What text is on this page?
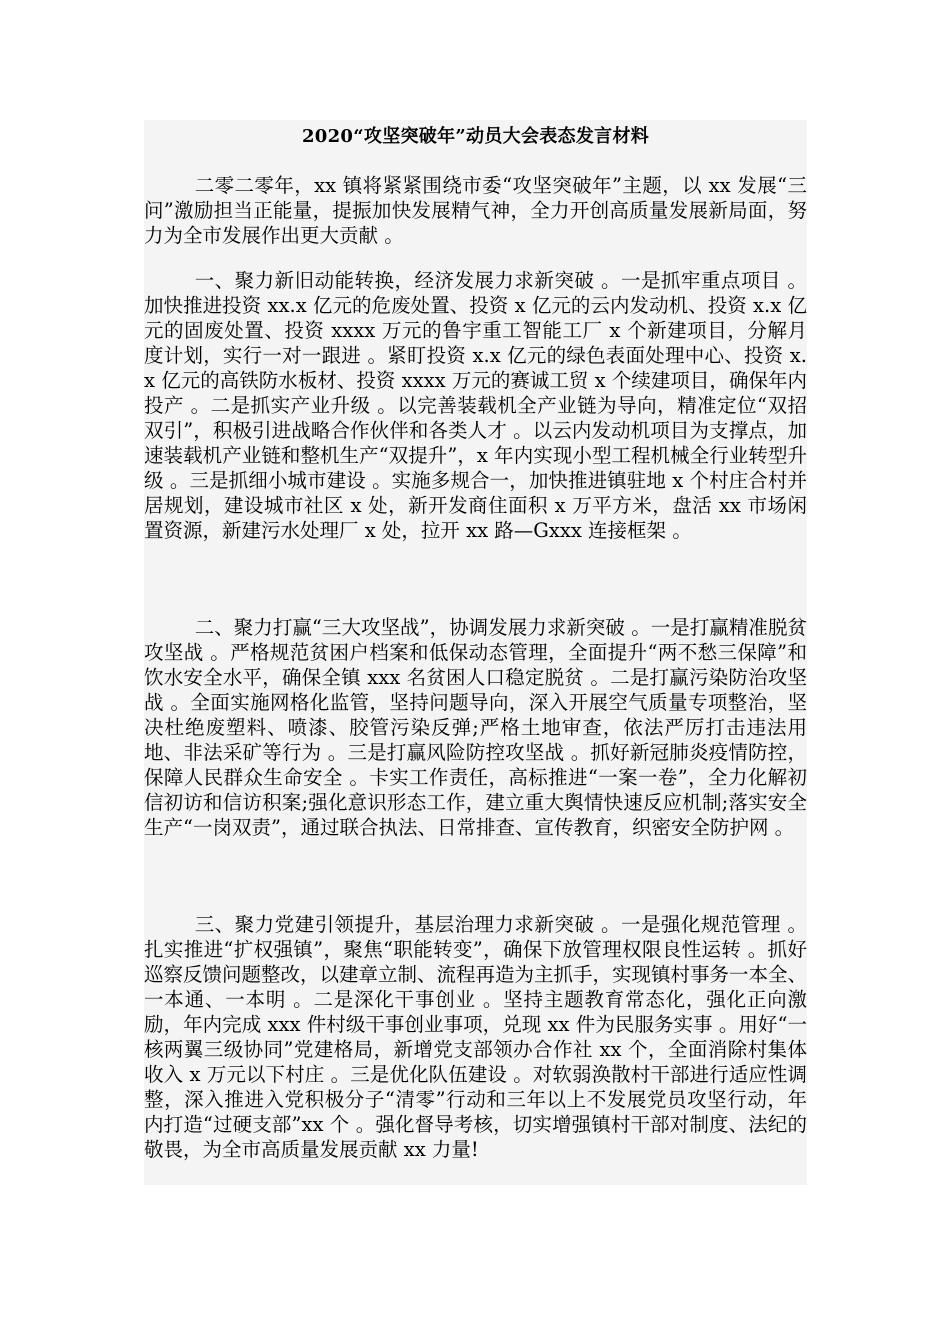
2020“攻坚突破年”动员大会表态发言材料

二零二零年，xx 镇将紧紧围绕市委“攻坚突破年”主题，以 xx 发展“三问”激励担当正能量，提振加快发展精气神，全力开创高质量发展新局面，努力为全市发展作出更大贡献 。

一、聚力新旧动能转换，经济发展力求新突破 。一是抓牢重点项目 。加快推进投资 xx.x 亿元的危废处置、投资 x 亿元的云内发动机、投资 x.x 亿元的固废处置、投资 xxxx 万元的鲁宇重工智能工厂 x 个新建项目，分解月度计划，实行一对一跟进 。紧盯投资 x.x 亿元的绿色表面处理中心、投资 x.x 亿元的高铁防水板材、投资 xxxx 万元的赛诚工贸 x 个续建项目，确保年内投产 。二是抓实产业升级 。以完善装载机全产业链为导向，精准定位“双招双引”，积极引进战略合作伙伴和各类人才 。以云内发动机项目为支撑点，加速装载机产业链和整机生产“双提升”，x 年内实现小型工程机械全行业转型升级 。三是抓细小城市建设 。实施多规合一，加快推进镇驻地 x 个村庄合村并居规划，建设城市社区 x 处，新开发商住面积 x 万平方米，盘活 xx 市场闲置资源，新建污水处理厂 x 处，拉开 xx 路—Gxxx 连接框架 。

二、聚力打赢“三大攻坚战”，协调发展力求新突破 。一是打赢精准脱贫攻坚战 。严格规范贫困户档案和低保动态管理，全面提升“两不愁三保障”和饮水安全水平，确保全镇 xxx 名贫困人口稳定脱贫 。二是打赢污染防治攻坚战 。全面实施网格化监管，坚持问题导向，深入开展空气质量专项整治，坚决杜绝废塑料、喷漆、胶管污染反弹;严格土地审查，依法严厉打击违法用地、非法采矿等行为 。三是打赢风险防控攻坚战 。抓好新冠肺炎疫情防控，保障人民群众生命安全 。卡实工作责任，高标推进“一案一卷”，全力化解初信初访和信访积案;强化意识形态工作，建立重大舆情快速反应机制;落实安全生产“一岗双责”，通过联合执法、日常排查、宣传教育，织密安全防护网 。

三、聚力党建引领提升，基层治理力求新突破 。一是强化规范管理 。扎实推进“扩权强镇”，聚焦“职能转变”，确保下放管理权限良性运转 。抓好巡察反馈问题整改，以建章立制、流程再造为主抓手，实现镇村事务一本全、一本通、一本明 。二是深化干事创业 。坚持主题教育常态化，强化正向激励，年内完成 xxx 件村级干事创业事项，兑现 xx 件为民服务实事 。用好“一核两翼三级协同”党建格局，新增党支部领办合作社 xx 个，全面消除村集体收入 x 万元以下村庄 。三是优化队伍建设 。对软弱涣散村干部进行适应性调整，深入推进入党积极分子“清零”行动和三年以上不发展党员攻坚行动，年内打造“过硬支部”xx 个 。强化督导考核，切实增强镇村干部对制度、法纪的敬畏，为全市高质量发展贡献 xx 力量!
